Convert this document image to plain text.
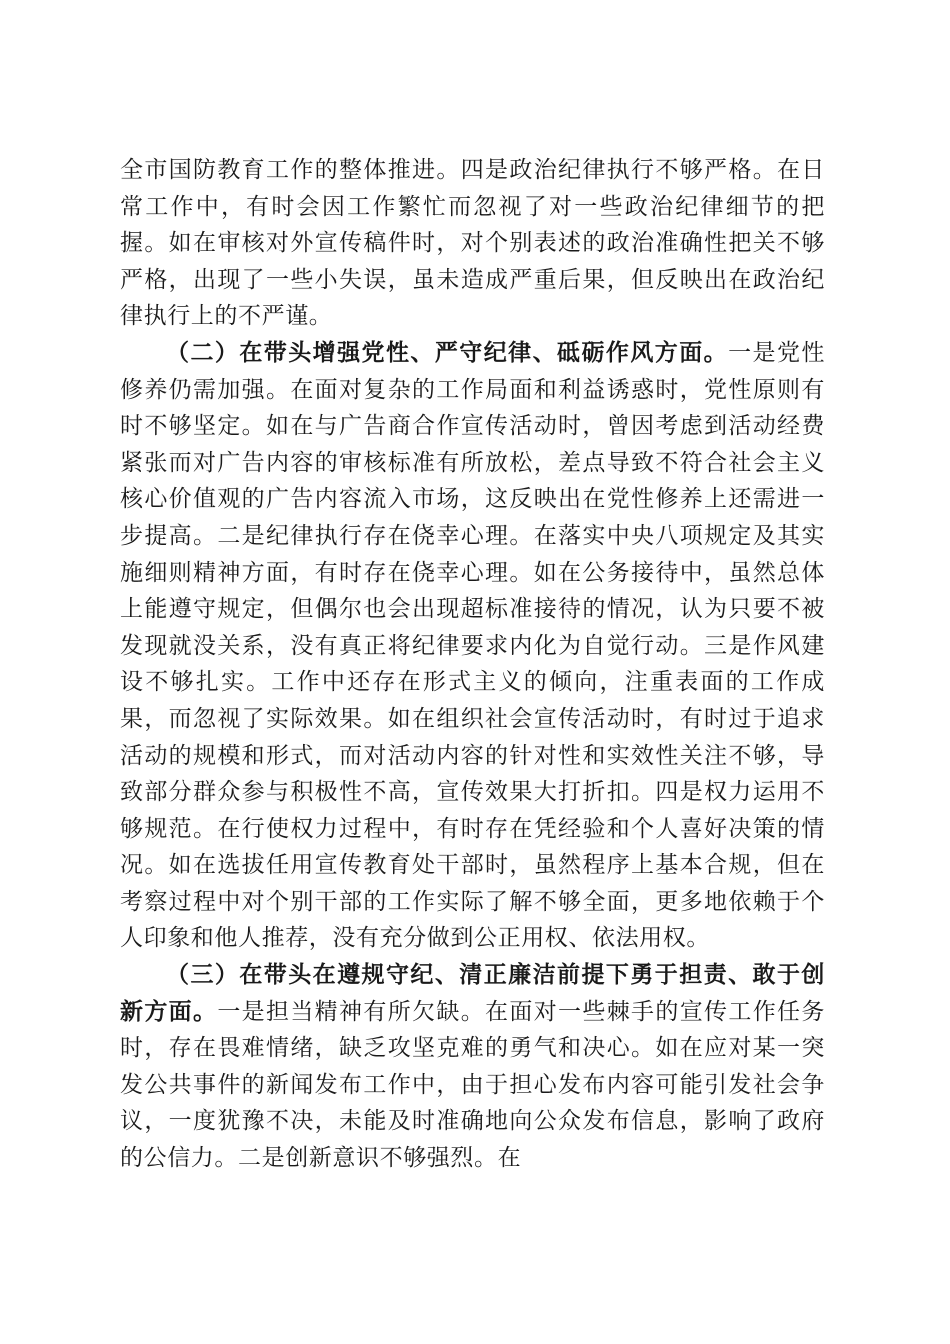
全市国防教育工作的整体推进。四是政治纪律执行不够严格。在日常工作中，有时会因工作繁忙而忽视了对一些政治纪律细节的把握。如在审核对外宣传稿件时，对个别表述的政治准确性把关不够严格，出现了一些小失误，虽未造成严重后果，但反映出在政治纪律执行上的不严谨。

（二）在带头增强党性、严守纪律、砥砺作风方面。一是党性修养仍需加强。在面对复杂的工作局面和利益诱惑时，党性原则有时不够坚定。如在与广告商合作宣传活动时，曾因考虑到活动经费紧张而对广告内容的审核标准有所放松，差点导致不符合社会主义核心价值观的广告内容流入市场，这反映出在党性修养上还需进一步提高。二是纪律执行存在侥幸心理。在落实中央八项规定及其实施细则精神方面，有时存在侥幸心理。如在公务接待中，虽然总体上能遵守规定，但偶尔也会出现超标准接待的情况，认为只要不被发现就没关系，没有真正将纪律要求内化为自觉行动。三是作风建设不够扎实。工作中还存在形式主义的倾向，注重表面的工作成果，而忽视了实际效果。如在组织社会宣传活动时，有时过于追求活动的规模和形式，而对活动内容的针对性和实效性关注不够，导致部分群众参与积极性不高，宣传效果大打折扣。四是权力运用不够规范。在行使权力过程中，有时存在凭经验和个人喜好决策的情况。如在选拔任用宣传教育处干部时，虽然程序上基本合规，但在考察过程中对个别干部的工作实际了解不够全面，更多地依赖于个人印象和他人推荐，没有充分做到公正用权、依法用权。

（三）在带头在遵规守纪、清正廉洁前提下勇于担责、敢于创新方面。一是担当精神有所欠缺。在面对一些棘手的宣传工作任务时，存在畏难情绪，缺乏攻坚克难的勇气和决心。如在应对某一突发公共事件的新闻发布工作中，由于担心发布内容可能引发社会争议，一度犹豫不决，未能及时准确地向公众发布信息，影响了政府的公信力。二是创新意识不够强烈。在
